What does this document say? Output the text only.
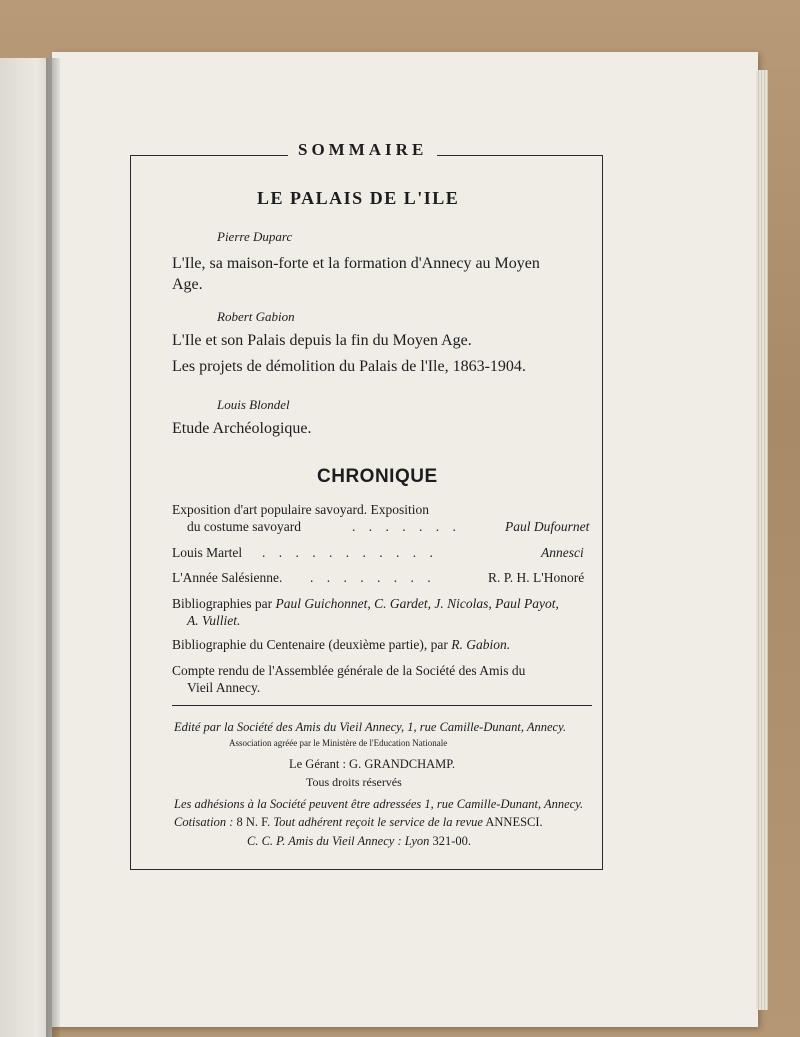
SOMMAIRE
LE PALAIS DE L'ILE
Pierre Duparc
L'Ile, sa maison-forte et la formation d'Annecy au Moyen
Age.
Robert Gabion
L'Ile et son Palais depuis la fin du Moyen Age.
Les projets de démolition du Palais de l'Ile, 1863-1904.
Louis Blondel
Etude Archéologique.
CHRONIQUE
Exposition d'art populaire savoyard. Exposition
du costume savoyard	. . . . . . .	Paul Dufournet
Louis Martel . . . . . . . . . . .	Annesci
L'Année Salésienne. . . . . . . . .	R. P. H. L'Honoré
Bibliographies par Paul Guichonnet, C. Gardet, J. Nicolas, Paul Payot,
A. Vulliet.
Bibliographie du Centenaire (deuxième partie), par R. Gabion.
Compte rendu de l'Assemblée générale de la Société des Amis du
Vieil Annecy.
Edité par la Société des Amis du Vieil Annecy, 1, rue Camille-Dunant, Annecy.
Association agréée par le Ministère de l'Education Nationale
Le Gérant : G. GRANDCHAMP.
Tous droits réservés
Les adhésions à la Société peuvent être adressées 1, rue Camille-Dunant, Annecy.
Cotisation : 8 N. F. Tout adhérent reçoit le service de la revue ANNESCI.
C. C. P. Amis du Vieil Annecy : Lyon 321-00.
